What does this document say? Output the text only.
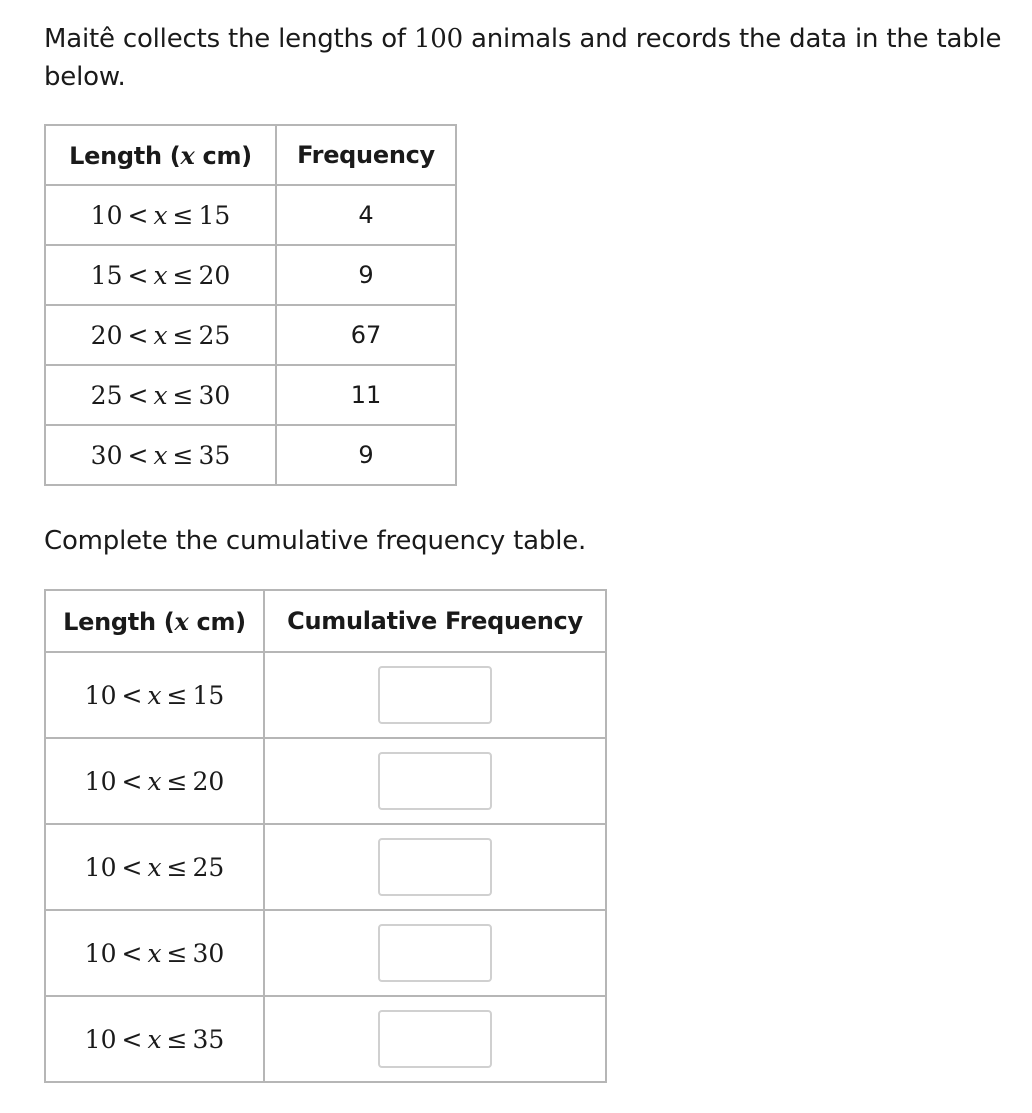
Maitê collects the lengths of 100 animals and records the data in the table below.

Length (x cm)	Frequency
10  <  x  ≤  15	4
15  <  x  ≤  20	9
20  <  x  ≤  25	67
25  <  x  ≤  30	11
30  <  x  ≤  35	9

Complete the cumulative frequency table.

Length (x cm)	Cumulative Frequency
10  <  x  ≤  15	
10  <  x  ≤  20	
10  <  x  ≤  25	
10  <  x  ≤  30	
10  <  x  ≤  35	
